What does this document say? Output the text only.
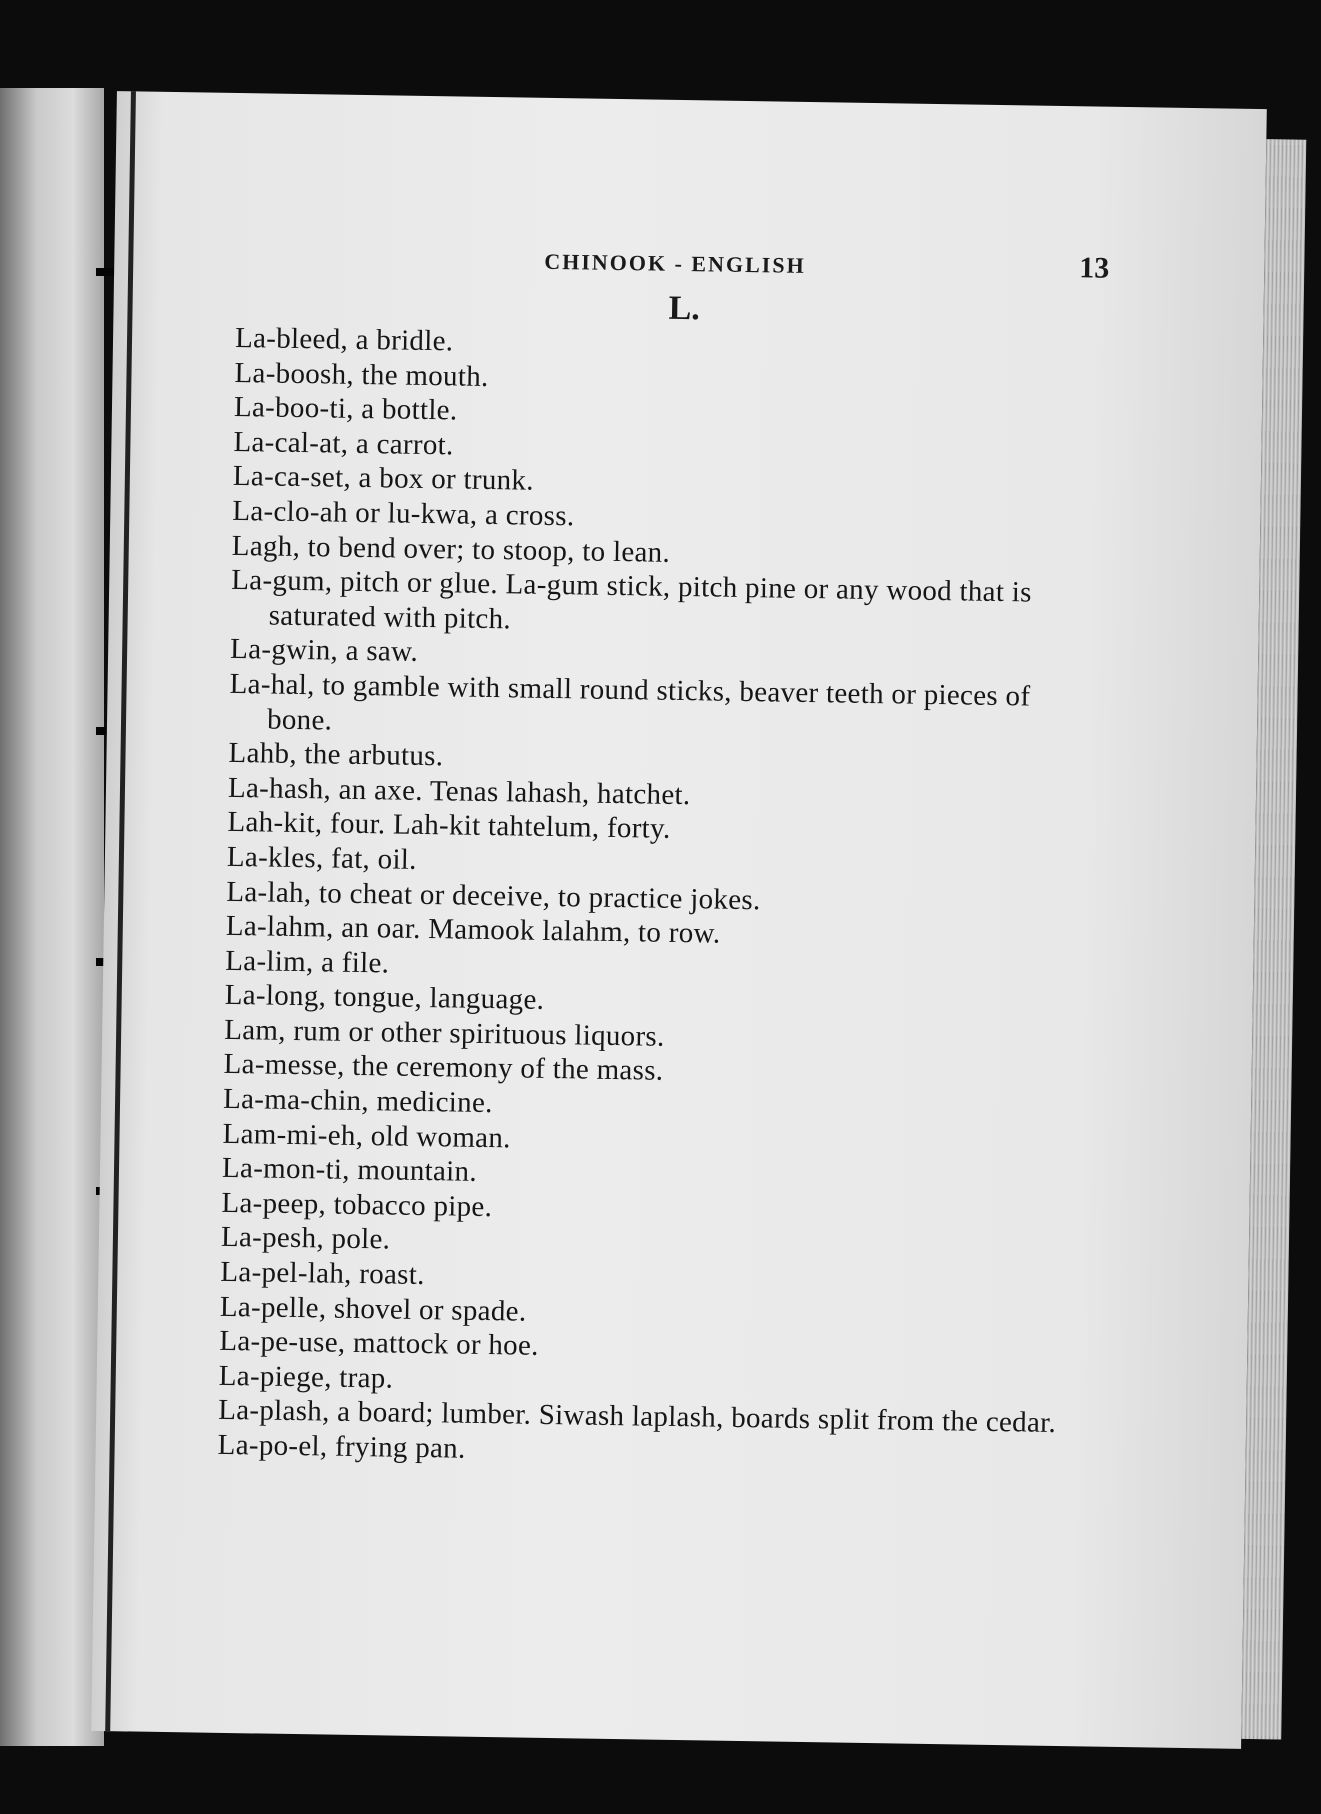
CHINOOK - ENGLISH	13
L.
La-bleed, a bridle.
La-boosh, the mouth.
La-boo-ti, a bottle.
La-cal-at, a carrot.
La-ca-set, a box or trunk.
La-clo-ah or lu-kwa, a cross.
Lagh, to bend over; to stoop, to lean.
La-gum, pitch or glue. La-gum stick, pitch pine or any wood that is saturated with pitch.
La-gwin, a saw.
La-hal, to gamble with small round sticks, beaver teeth or pieces of bone.
Lahb, the arbutus.
La-hash, an axe. Tenas lahash, hatchet.
Lah-kit, four. Lah-kit tahtelum, forty.
La-kles, fat, oil.
La-lah, to cheat or deceive, to practice jokes.
La-lahm, an oar. Mamook lalahm, to row.
La-lim, a file.
La-long, tongue, language.
Lam, rum or other spirituous liquors.
La-messe, the ceremony of the mass.
La-ma-chin, medicine.
Lam-mi-eh, old woman.
La-mon-ti, mountain.
La-peep, tobacco pipe.
La-pesh, pole.
La-pel-lah, roast.
La-pelle, shovel or spade.
La-pe-use, mattock or hoe.
La-piege, trap.
La-plash, a board; lumber. Siwash laplash, boards split from the cedar.
La-po-el, frying pan.
